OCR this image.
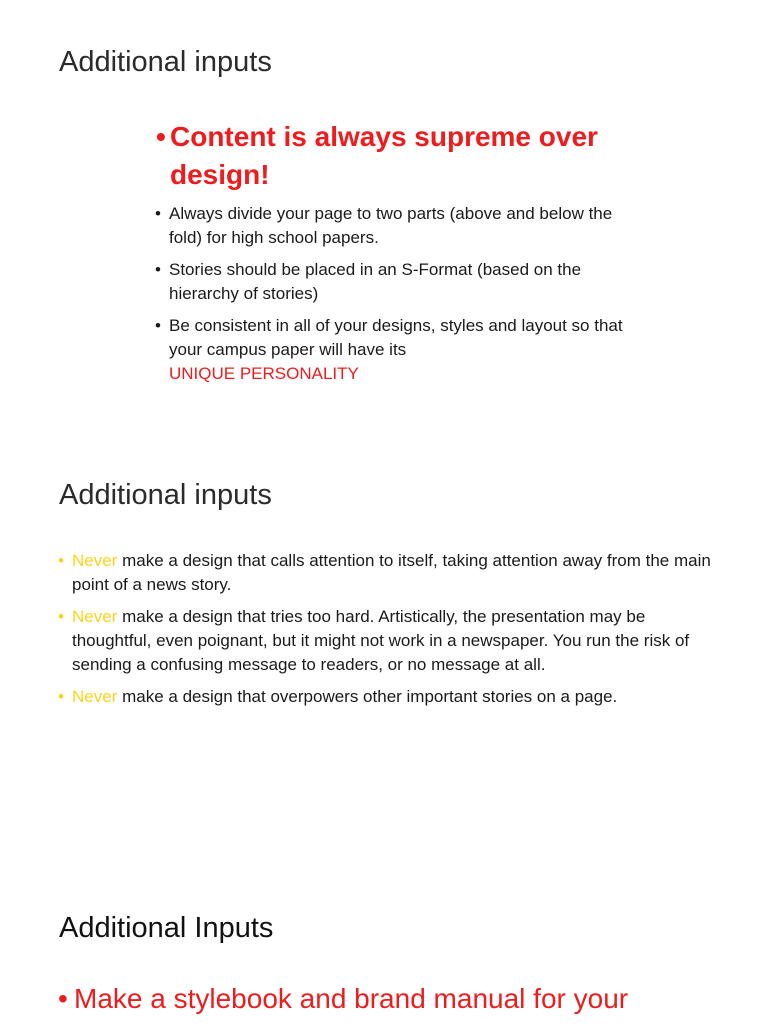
Additional inputs

• Content is always supreme over design!

• Always divide your page to two parts (above and below the fold) for high school papers.
• Stories should be placed in an S-Format (based on the hierarchy of stories)
• Be consistent in all of your designs, styles and layout so that your campus paper will have its
UNIQUE PERSONALITY
Additional inputs
• Never make a design that calls attention to itself, taking attention away from the main point of a news story.
• Never make a design that tries too hard. Artistically, the presentation may be thoughtful, even poignant, but it might not work in a newspaper. You run the risk of sending a confusing message to readers, or no message at all.
• Never make a design that overpowers other important stories on a page.
Additional Inputs
• Make a stylebook and brand manual for your
